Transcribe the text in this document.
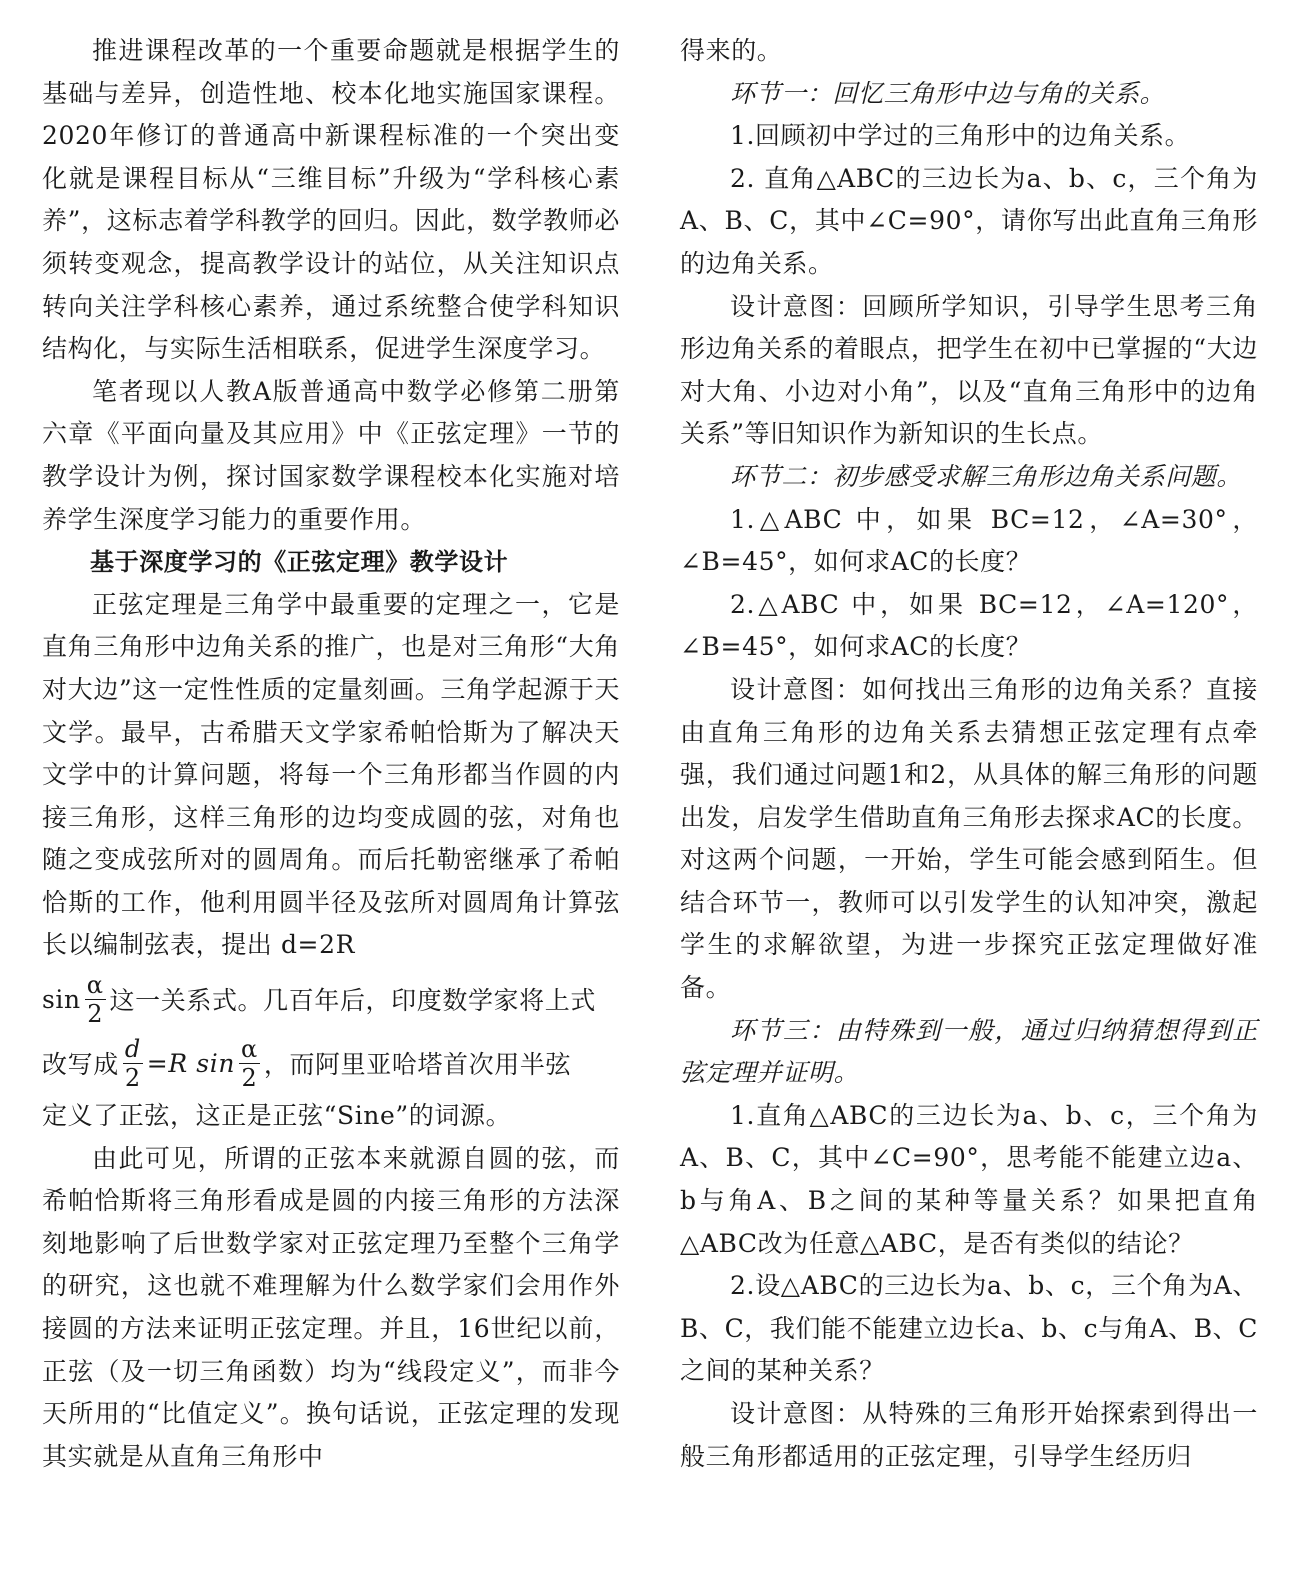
推进课程改革的一个重要命题就是根据学生的基础与差异，创造性地、校本化地实施国家课程。2020年修订的普通高中新课程标准的一个突出变化就是课程目标从“三维目标”升级为“学科核心素养”，这标志着学科教学的回归。因此，数学教师必须转变观念，提高教学设计的站位，从关注知识点转向关注学科核心素养，通过系统整合使学科知识结构化，与实际生活相联系，促进学生深度学习。

笔者现以人教A版普通高中数学必修第二册第六章《平面向量及其应用》中《正弦定理》一节的教学设计为例，探讨国家数学课程校本化实施对培养学生深度学习能力的重要作用。

基于深度学习的《正弦定理》教学设计

正弦定理是三角学中最重要的定理之一，它是直角三角形中边角关系的推广，也是对三角形“大角对大边”这一定性性质的定量刻画。三角学起源于天文学。最早，古希腊天文学家希帕恰斯为了解决天文学中的计算问题，将每一个三角形都当作圆的内接三角形，这样三角形的边均变成圆的弦，对角也随之变成弦所对的圆周角。而后托勒密继承了希帕恰斯的工作，他利用圆半径及弦所对圆周角计算弦长以编制弦表，提出 d=2R

$\sin \frac{\alpha}{2}$ 这一关系式。几百年后，印度数学家将上式
改写成 $\frac{d}{2} =R$ $\sin \frac{\alpha}{2}$ ，而阿里亚哈塔首次用半弦

定义了正弦，这正是正弦“Sine”的词源。

由此可见，所谓的正弦本来就源自圆的弦，而希帕恰斯将三角形看成是圆的内接三角形的方法深刻地影响了后世数学家对正弦定理乃至整个三角学的研究，这也就不难理解为什么数学家们会用作外接圆的方法来证明正弦定理。并且，16世纪以前，正弦（及一切三角函数）均为“线段定义”，而非今天所用的“比值定义”。换句话说，正弦定理的发现其实就是从直角三角形中

得来的。

环节一：回忆三角形中边与角的关系。

1.回顾初中学过的三角形中的边角关系。

2. 直角△ABC的三边长为a、b、c，三个角为A、B、C，其中∠C=90°，请你写出此直角三角形的边角关系。

设计意图：回顾所学知识，引导学生思考三角形边角关系的着眼点，把学生在初中已掌握的“大边对大角、小边对小角”，以及“直角三角形中的边角关系”等旧知识作为新知识的生长点。

环节二：初步感受求解三角形边角关系问题。

1.△ABC 中，如果 BC=12，∠A=30°，∠B=45°，如何求AC的长度？

2.△ABC 中，如果 BC=12，∠A=120°，∠B=45°，如何求AC的长度？

设计意图：如何找出三角形的边角关系？直接由直角三角形的边角关系去猜想正弦定理有点牵强，我们通过问题1和2，从具体的解三角形的问题出发，启发学生借助直角三角形去探求AC的长度。对这两个问题，一开始，学生可能会感到陌生。但结合环节一，教师可以引发学生的认知冲突，激起学生的求解欲望，为进一步探究正弦定理做好准备。

环节三：由特殊到一般，通过归纳猜想得到正弦定理并证明。

1.直角△ABC的三边长为a、b、c，三个角为A、B、C，其中∠C=90°，思考能不能建立边a、b与角A、B之间的某种等量关系？如果把直角△ABC改为任意△ABC，是否有类似的结论？

2.设△ABC的三边长为a、b、c，三个角为A、B、C，我们能不能建立边长a、b、c与角A、B、C之间的某种关系？

设计意图：从特殊的三角形开始探索到得出一般三角形都适用的正弦定理，引导学生经历归
